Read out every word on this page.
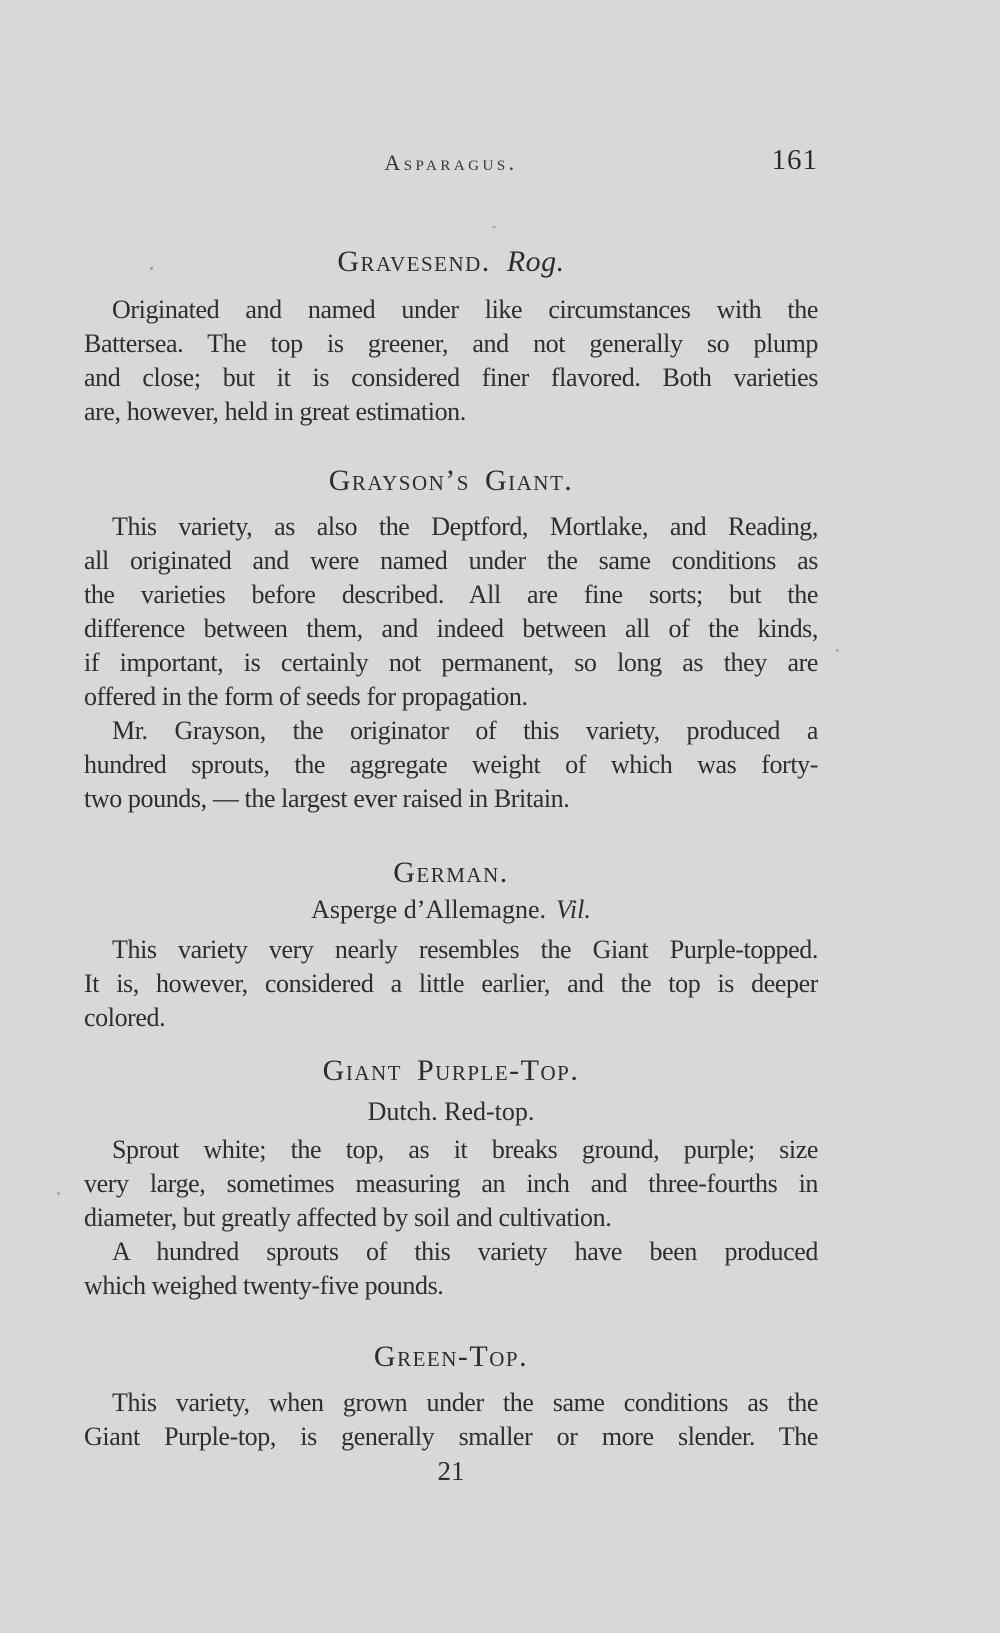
Asparagus.	161
Gravesend. Rog.
Originated and named under like circumstances with the
Battersea. The top is greener, and not generally so plump
and close; but it is considered finer flavored. Both varieties
are, however, held in great estimation.
Grayson’s Giant.
This variety, as also the Deptford, Mortlake, and Reading,
all originated and were named under the same conditions as
the varieties before described. All are fine sorts; but the
difference between them, and indeed between all of the kinds,
if important, is certainly not permanent, so long as they are
offered in the form of seeds for propagation.
Mr. Grayson, the originator of this variety, produced a
hundred sprouts, the aggregate weight of which was forty-
two pounds, — the largest ever raised in Britain.
German.
Asperge d’Allemagne. Vil.
This variety very nearly resembles the Giant Purple-topped.
It is, however, considered a little earlier, and the top is deeper
colored.
Giant Purple-Top.
Dutch. Red-top.
Sprout white; the top, as it breaks ground, purple; size
very large, sometimes measuring an inch and three-fourths in
diameter, but greatly affected by soil and cultivation.
A hundred sprouts of this variety have been produced
which weighed twenty-five pounds.
Green-Top.
This variety, when grown under the same conditions as the
Giant Purple-top, is generally smaller or more slender. The
21
